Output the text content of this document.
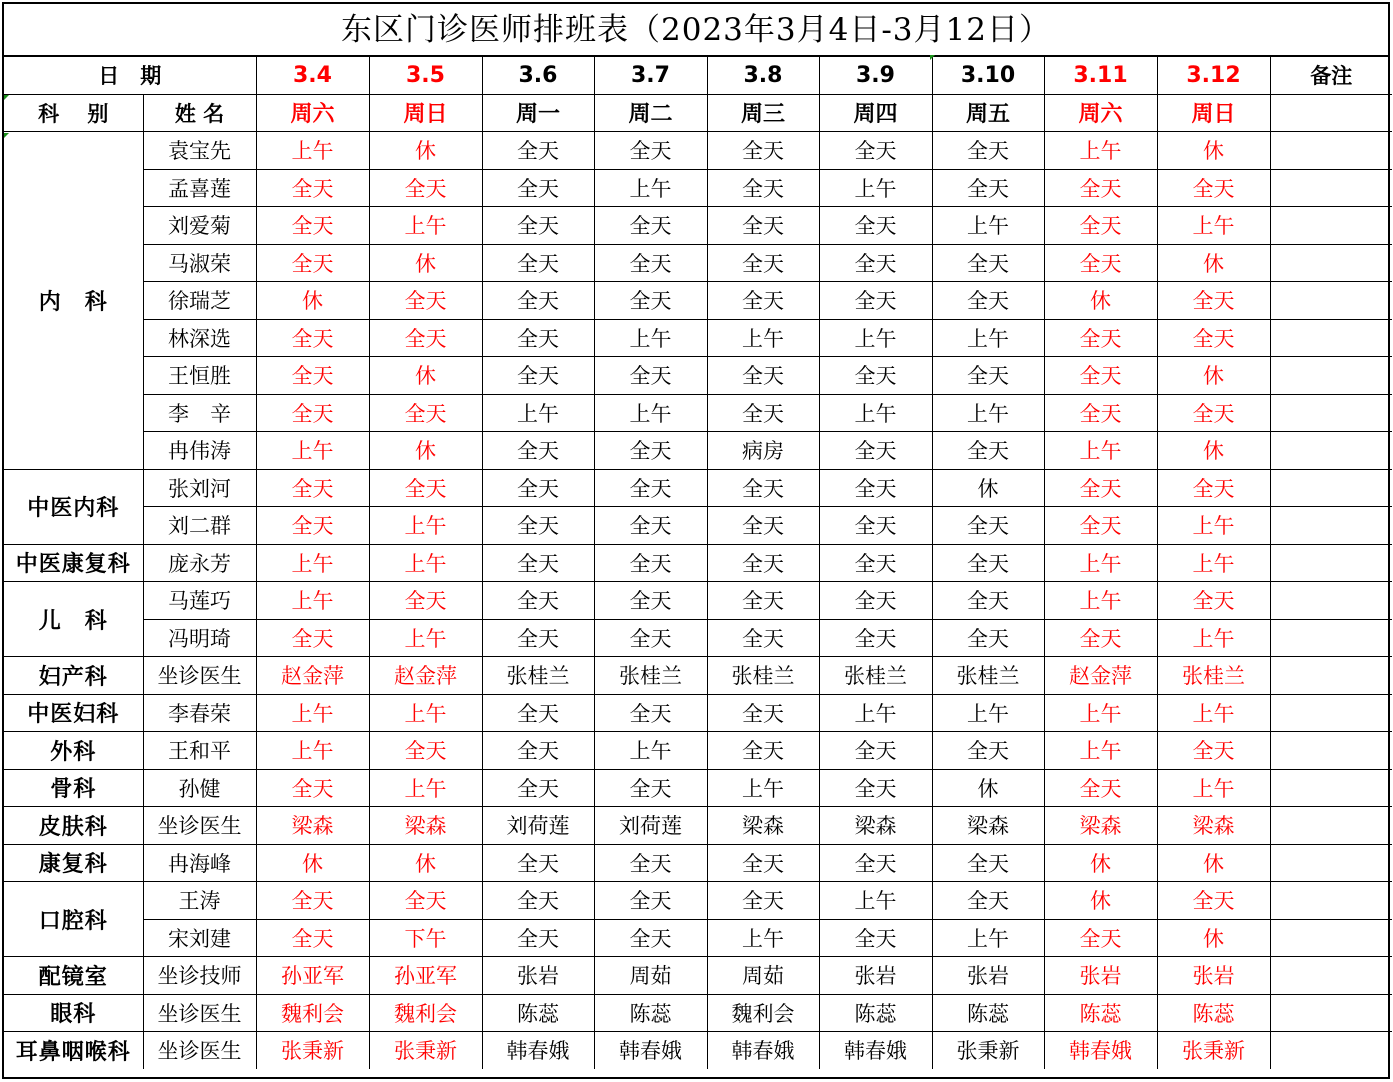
东区门诊医师排班表（2023年3月4日-3月12日）
日　期		3.4	3.5	3.6	3.7	3.8	3.9	3.10	3.11	3.12	备注
科　 别	姓 名	周六	周日	周一	周二	周三	周四	周五	周六	周日	
内　科	袁宝先	上午	休	全天	全天	全天	全天	全天	上午	休	
	孟喜莲	全天	全天	全天	上午	全天	上午	全天	全天	全天	
	刘爱菊	全天	上午	全天	全天	全天	全天	上午	全天	上午	
	马淑荣	全天	休	全天	全天	全天	全天	全天	全天	休	
	徐瑞芝	休	全天	全天	全天	全天	全天	全天	休	全天	
	林深选	全天	全天	全天	上午	上午	上午	上午	全天	全天	
	王恒胜	全天	休	全天	全天	全天	全天	全天	全天	休	
	李　辛	全天	全天	上午	上午	全天	上午	上午	全天	全天	
	冉伟涛	上午	休	全天	全天	病房	全天	全天	上午	休	
中医内科	张刘河	全天	全天	全天	全天	全天	全天	休	全天	全天	
	刘二群	全天	上午	全天	全天	全天	全天	全天	全天	上午	
中医康复科	庞永芳	上午	上午	全天	全天	全天	全天	全天	上午	上午	
儿　科	马莲巧	上午	全天	全天	全天	全天	全天	全天	上午	全天	
	冯明琦	全天	上午	全天	全天	全天	全天	全天	全天	上午	
妇产科	坐诊医生	赵金萍	赵金萍	张桂兰	张桂兰	张桂兰	张桂兰	张桂兰	赵金萍	张桂兰	
中医妇科	李春荣	上午	上午	全天	全天	全天	上午	上午	上午	上午	
外科	王和平	上午	全天	全天	上午	全天	全天	全天	上午	全天	
骨科	孙健	全天	上午	全天	全天	上午	全天	休	全天	上午	
皮肤科	坐诊医生	梁森	梁森	刘荷莲	刘荷莲	梁森	梁森	梁森	梁森	梁森	
康复科	冉海峰	休	休	全天	全天	全天	全天	全天	休	休	
口腔科	王涛	全天	全天	全天	全天	全天	上午	全天	休	全天	
	宋刘建	全天	下午	全天	全天	上午	全天	上午	全天	休	
配镜室	坐诊技师	孙亚军	孙亚军	张岩	周茹	周茹	张岩	张岩	张岩	张岩	
眼科	坐诊医生	魏利会	魏利会	陈蕊	陈蕊	魏利会	陈蕊	陈蕊	陈蕊	陈蕊	
耳鼻咽喉科	坐诊医生	张秉新	张秉新	韩春娥	韩春娥	韩春娥	韩春娥	张秉新	韩春娥	张秉新	
